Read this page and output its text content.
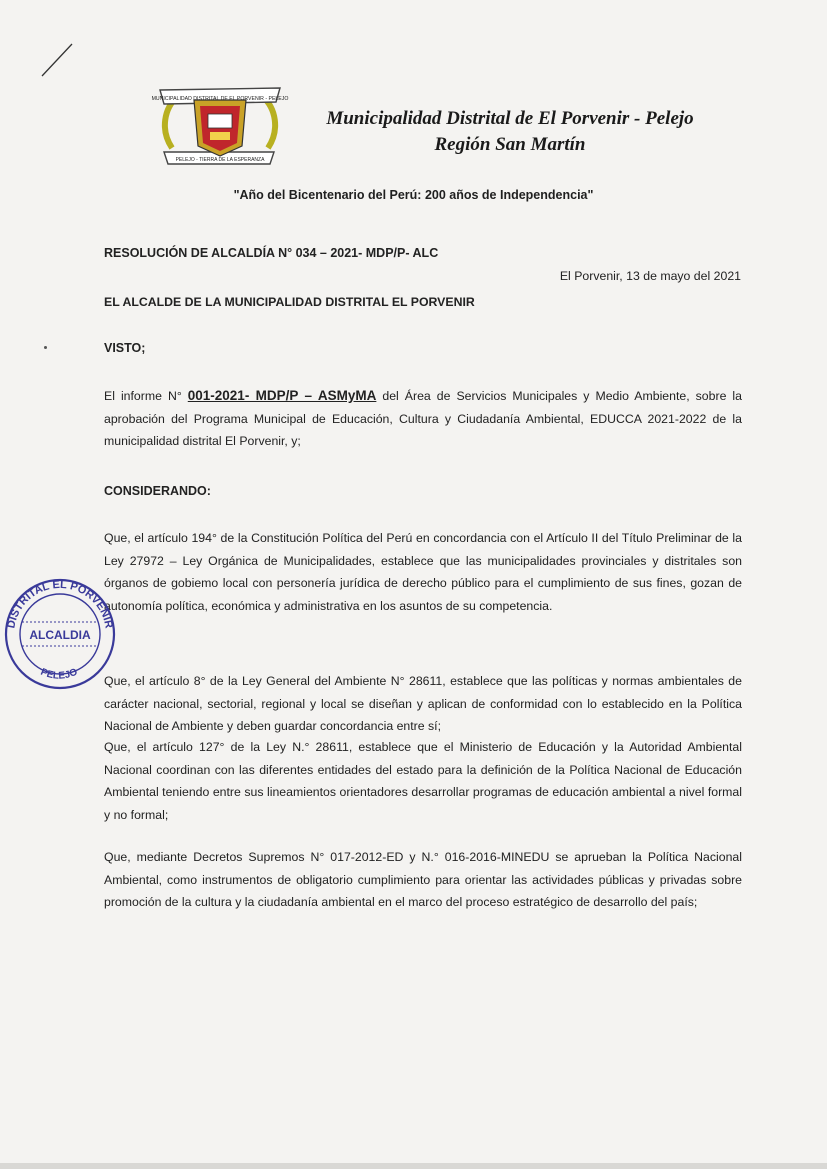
MUNICIPALIDAD DISTRITAL DE EL PORVENIR - PELEJO
PELEJO - TIERRA DE LA ESPERANZA
Municipalidad Distrital de El Porvenir - Pelejo
Región San Martín
"Año del Bicentenario del Perú: 200 años de Independencia"
RESOLUCIÓN DE ALCALDÍA N° 034 – 2021- MDP/P- ALC
El Porvenir, 13 de mayo del 2021
EL ALCALDE DE LA MUNICIPALIDAD DISTRITAL EL PORVENIR
VISTO;
El informe N° 001-2021- MDP/P – ASMyMA del Área de Servicios Municipales y Medio Ambiente, sobre la aprobación del Programa Municipal de Educación, Cultura y Ciudadanía Ambiental, EDUCCA 2021-2022 de la municipalidad distrital El Porvenir, y;
CONSIDERANDO:
Que, el artículo 194° de la Constitución Política del Perú en concordancia con el Artículo II del Título Preliminar de la Ley 27972 – Ley Orgánica de Municipalidades, establece que las municipalidades provinciales y distritales son órganos de gobiemo local con personería jurídica de derecho público para el cumplimiento de sus fines, gozan de autonomía política, económica y administrativa en los asuntos de su competencia.
Que, el artículo 8° de la Ley General del Ambiente N° 28611, establece que las políticas y normas ambientales de carácter nacional, sectorial, regional y local se diseñan y aplican de conformidad con lo establecido en la Política Nacional de Ambiente y deben guardar concordancia entre sí;
Que, el artículo 127° de la Ley N.° 28611, establece que el Ministerio de Educación y la Autoridad Ambiental Nacional coordinan con las diferentes entidades del estado para la definición de la Política Nacional de Educación Ambiental teniendo entre sus lineamientos orientadores desarrollar programas de educación ambiental a nivel formal y no formal;
Que, mediante Decretos Supremos N° 017-2012-ED y N.° 016-2016-MINEDU se aprueban la Política Nacional Ambiental, como instrumentos de obligatorio cumplimiento para orientar las actividades públicas y privadas sobre promoción de la cultura y la ciudadanía ambiental en el marco del proceso estratégico de desarrollo del país;
DISTRITAL EL PORVENIR
ALCALDIA
PELEJO
